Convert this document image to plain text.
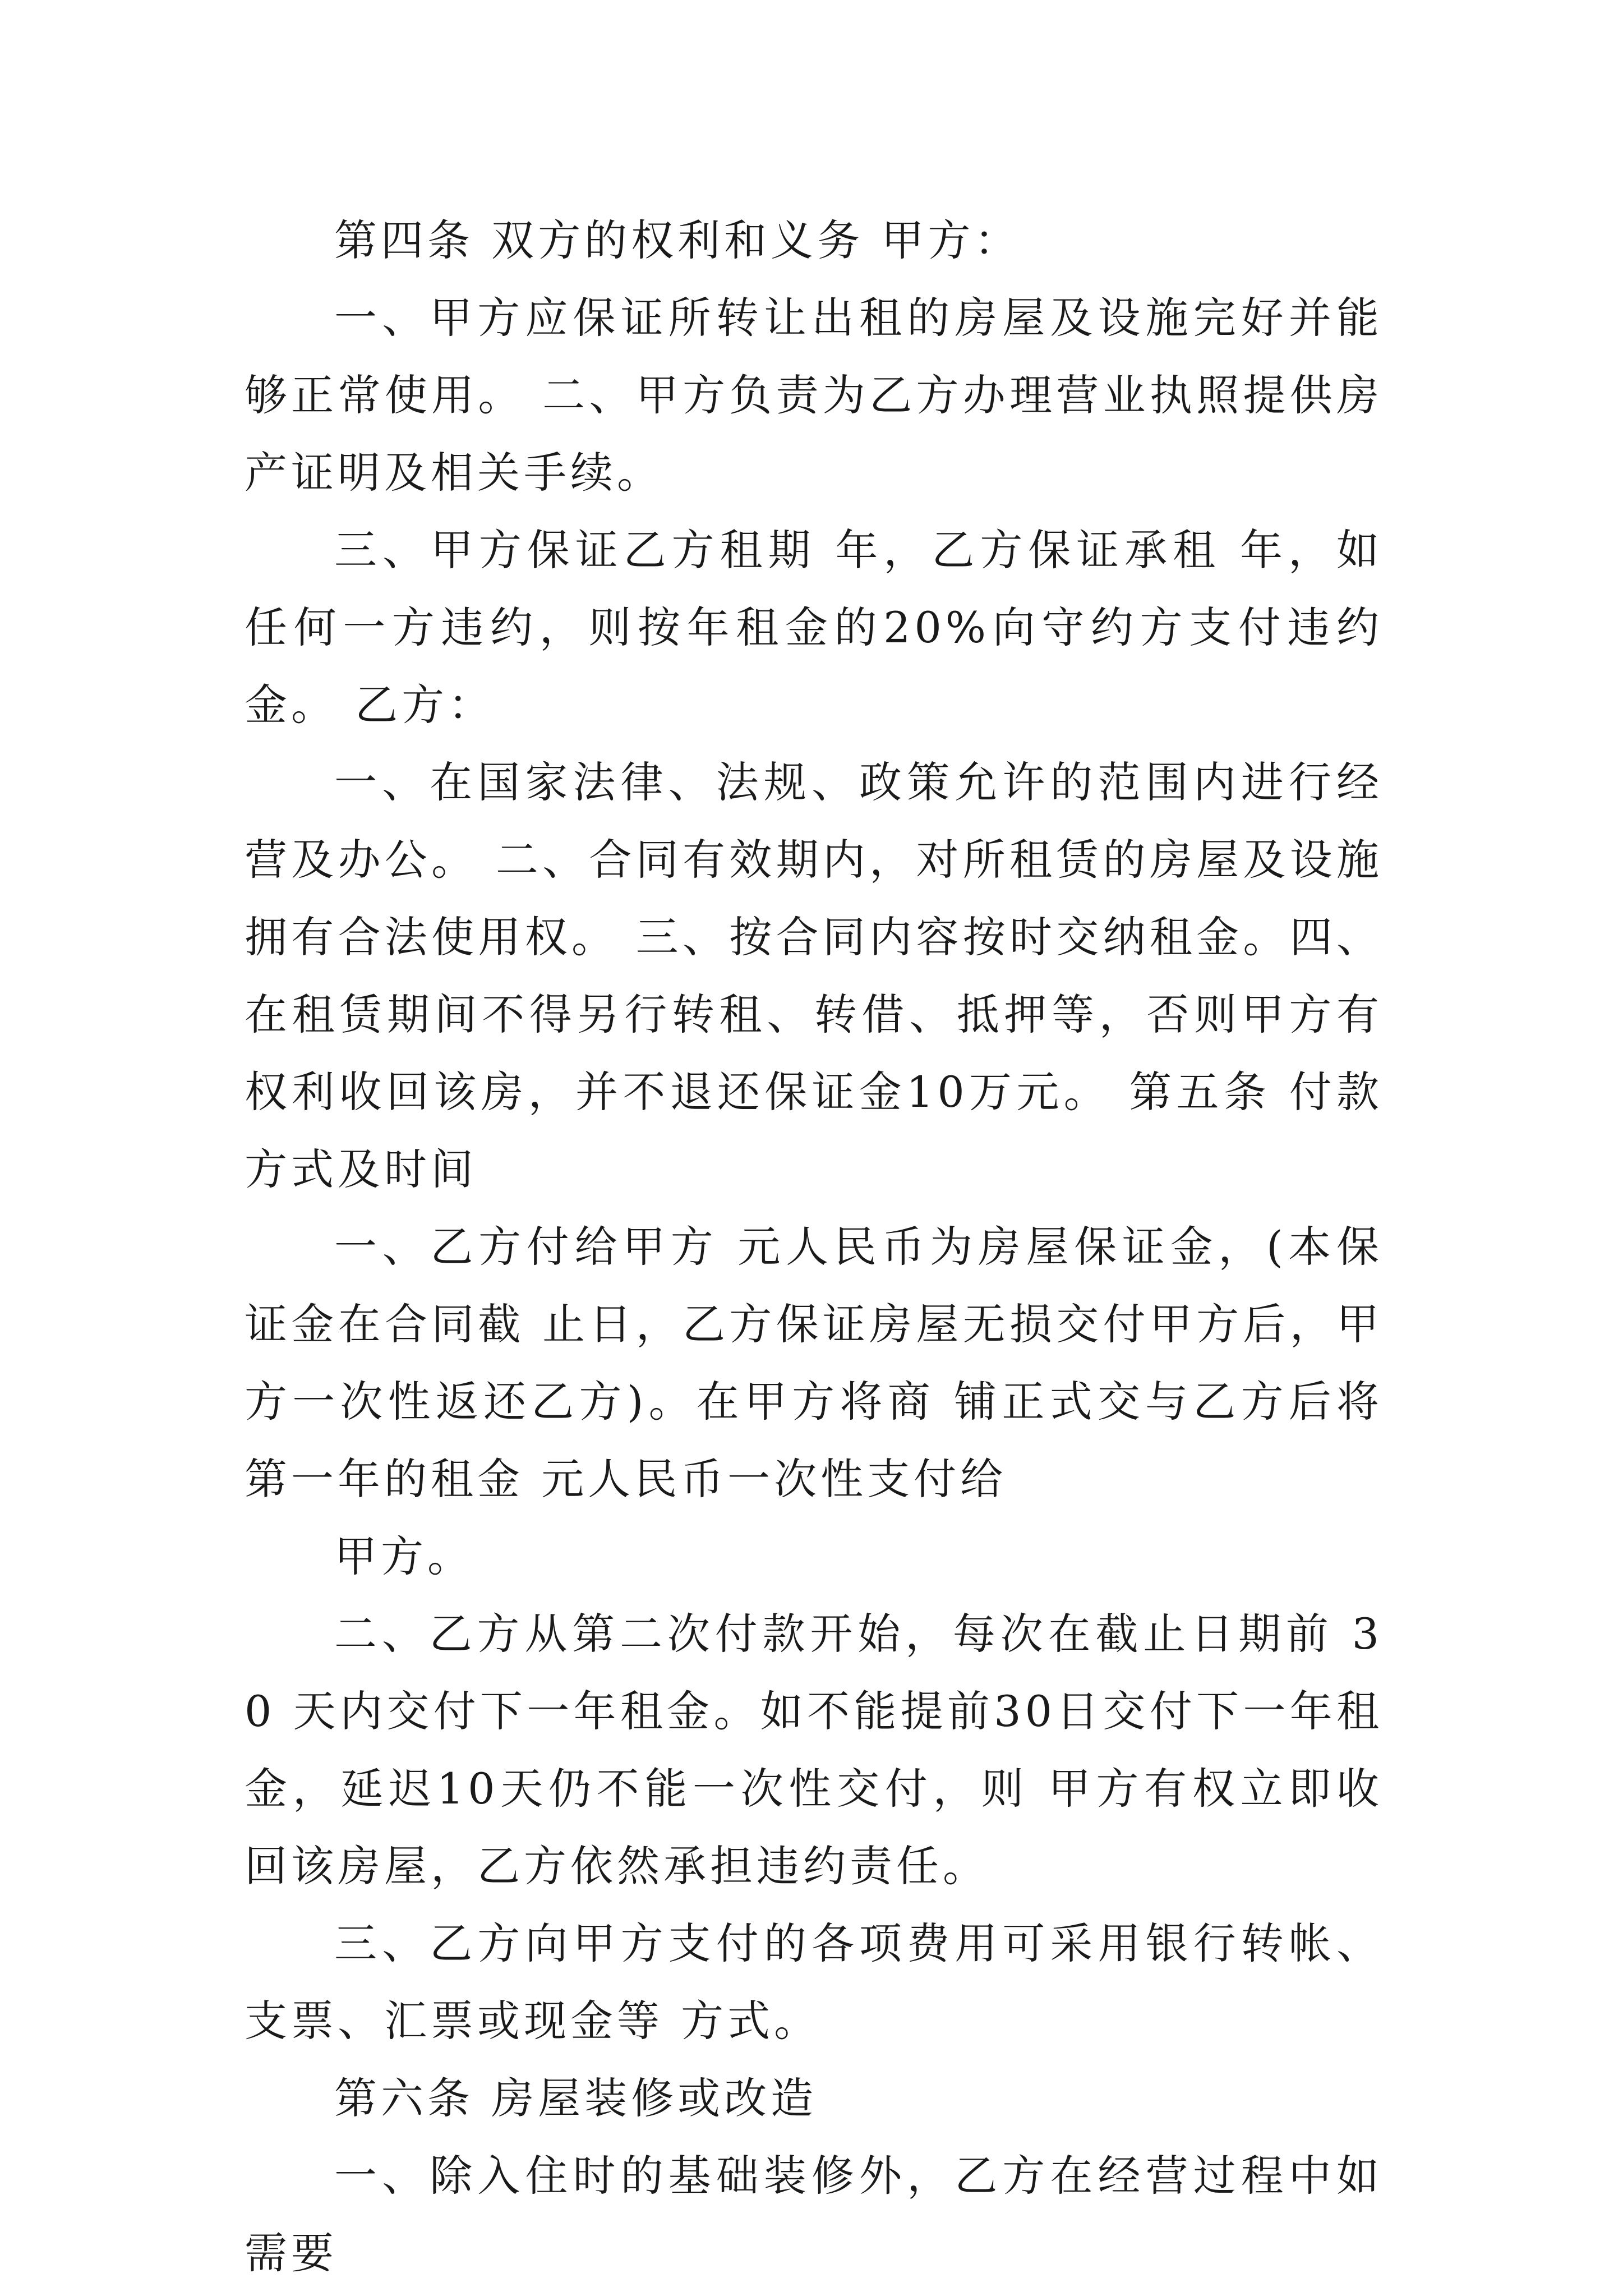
第四条 双方的权利和义务 甲方：

一、甲方应保证所转让出租的房屋及设施完好并能够正常使用。 二、甲方负责为乙方办理营业执照提供房产证明及相关手续。

三、甲方保证乙方租期 年，乙方保证承租 年，如任何一方违约，则按年租金的20%向守约方支付违约金。 乙方：

一、在国家法律、法规、政策允许的范围内进行经营及办公。 二、合同有效期内，对所租赁的房屋及设施拥有合法使用权。 三、按合同内容按时交纳租金。四、在租赁期间不得另行转租、转借、抵押等，否则甲方有权利收回该房，并不退还保证金10万元。 第五条 付款方式及时间

一、乙方付给甲方 元人民币为房屋保证金，(本保证金在合同截 止日，乙方保证房屋无损交付甲方后，甲方一次性返还乙方)。在甲方将商 铺正式交与乙方后将第一年的租金 元人民币一次性支付给

甲方。

二、乙方从第二次付款开始，每次在截止日期前 30 天内交付下一年租金。如不能提前30日交付下一年租金，延迟10天仍不能一次性交付，则 甲方有权立即收回该房屋，乙方依然承担违约责任。

三、乙方向甲方支付的各项费用可采用银行转帐、支票、汇票或现金等 方式。

第六条 房屋装修或改造

一、除入住时的基础装修外，乙方在经营过程中如需要
